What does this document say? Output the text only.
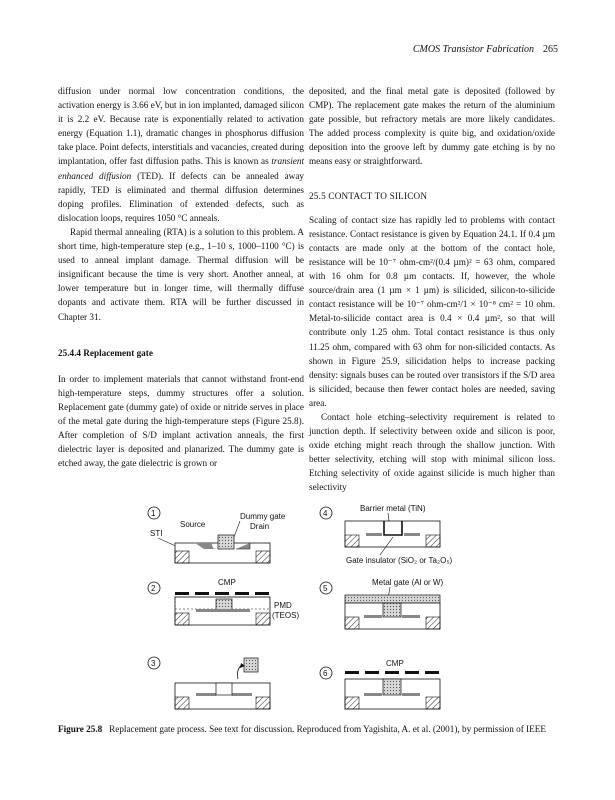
CMOS Transistor Fabrication 265

diffusion under normal low concentration conditions, the activation energy is 3.66 eV, but in ion implanted, damaged silicon it is 2.2 eV. Because rate is exponentially related to activation energy (Equation 1.1), dramatic changes in phosphorus diffusion take place. Point defects, interstitials and vacancies, created during implantation, offer fast diffusion paths. This is known as transient enhanced diffusion (TED). If defects can be annealed away rapidly, TED is eliminated and thermal diffusion determines doping profiles. Elimination of extended defects, such as dislocation loops, requires 1050 °C anneals.

Rapid thermal annealing (RTA) is a solution to this problem. A short time, high-temperature step (e.g., 1–10 s, 1000–1100 °C) is used to anneal implant damage. Thermal diffusion will be insignificant because the time is very short. Another anneal, at lower temperature but in longer time, will thermally diffuse dopants and activate them. RTA will be further discussed in Chapter 31.

25.4.4 Replacement gate

In order to implement materials that cannot withstand front-end high-temperature steps, dummy structures offer a solution. Replacement gate (dummy gate) of oxide or nitride serves in place of the metal gate during the high-temperature steps (Figure 25.8). After completion of S/D implant activation anneals, the first dielectric layer is deposited and planarized. The dummy gate is etched away, the gate dielectric is grown or

deposited, and the final metal gate is deposited (followed by CMP). The replacement gate makes the return of the aluminium gate possible, but refractory metals are more likely candidates. The added process complexity is quite big, and oxidation/oxide deposition into the groove left by dummy gate etching is by no means easy or straightforward.

25.5 CONTACT TO SILICON

Scaling of contact size has rapidly led to problems with contact resistance. Contact resistance is given by Equation 24.1. If 0.4 µm contacts are made only at the bottom of the contact hole, resistance will be 10⁻⁷ ohm-cm²/(0.4 µm)² = 63 ohm, compared with 16 ohm for 0.8 µm contacts. If, however, the whole source/drain area (1 µm × 1 µm) is silicided, silicon-to-silicide contact resistance will be 10⁻⁷ ohm-cm²/1 × 10⁻⁸ cm² = 10 ohm. Metal-to-silicide contact area is 0.4 × 0.4 µm², so that will contribute only 1.25 ohm. Total contact resistance is thus only 11.25 ohm, compared with 63 ohm for non-silicided contacts. As shown in Figure 25.9, silicidation helps to increase packing density: signals buses can be routed over transistors if the S/D area is silicided, because then fewer contact holes are needed, saving area.

Contact hole etching–selectivity requirement is related to junction depth. If selectivity between oxide and silicon is poor, oxide etching might reach through the shallow junction. With better selectivity, etching will stop with minimal silicon loss. Etching selectivity of oxide against silicide is much higher than selectivity

1	Dummy gate
Source	Drain
STI
2
CMP
PMD
(TEOS)
3
4
Barrier metal (TiN)
Gate insulator (SiO₂ or Ta₂O₅)
5
Metal gate (Al or W)
6
CMP
Figure 25.8 Replacement gate process. See text for discussion. Reproduced from Yagishita, A. et al. (2001), by permission of IEEE
